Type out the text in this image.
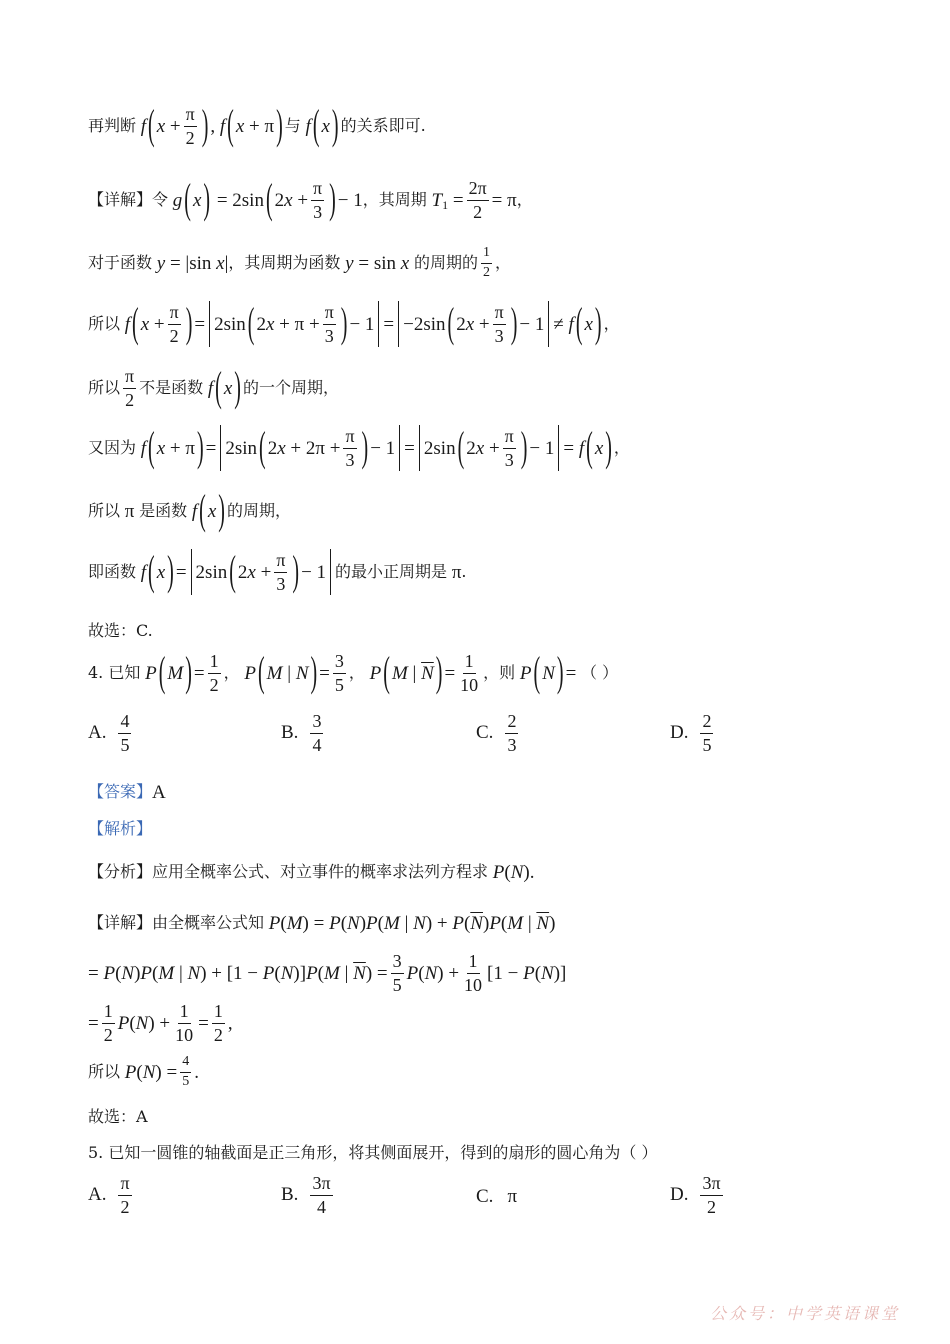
再判断 f ( $x + \frac{\pi}{2}$ ) , f ( x + π ) 与 f ( x ) 的关系即可.
【详解】 令 g ( x ) = 2sin ( $2x + \frac{\pi}{3}$ ) − 1 ，其周期 T $1 = \frac{2\pi}{2} = \pi$ ，
对于函数 y = |sin x| ，其周期为函数 y = sin x 的周期的 $\frac{1}{2}$ ，
所以 f ( $x + \frac{\pi}{2}$ ) = 2sin ( $2x + \pi + \frac{\pi}{3}$ ) − 1 = −2sin ( $2x + \frac{\pi}{3}$ ) − 1 ≠ f ( x ) ，
所以 $\frac{\pi}{2}$ 不是函数 f ( x ) 的一个周期，
又因为 f ( x + π ) = 2sin ( $2x + 2\pi + \frac{\pi}{3}$ ) − 1 = 2sin ( $2x + \frac{\pi}{3}$ ) − 1 = f ( x ) ，
所以 π 是函数 f ( x ) 的周期，
即函数 f ( x ) = 2sin ( $2x + \frac{\pi}{3}$ ) − 1 的最小正周期是 π .
故选：C.
4.
已知 P ( M ) = $\frac{1}{2}$ ， P ( M | N ) = $\frac{3}{5}$ ， P ( M | $\overline{N}$ ) = $\frac{1}{10}$ ，则 P ( N ) = （ ）
A. $\frac{4}{5}$	B. $\frac{3}{4}$	C. $\frac{2}{3}$	D. $\frac{2}{5}$
【答案】 A
【解析】
【分析】 应用全概率公式、对立事件的概率求法列方程求 P(N).
【详解】 由全概率公式知 P(M) = P(N)P(M | $N) + P(\overline{N})P(M$ | $\overline{N}$)
= P(N)P(M | N) + [1 − P(N)]P(M | $\overline{N}) = \frac{3}{5} P(N) + \frac{1}{10} [1 - P(N)]$
= $\frac{1}{2} P(N) + \frac{1}{10} = \frac{1}{2}$ ,
所以 $P(N) = \frac{4}{5}$ .
故选：A
5.
已知一圆锥的轴截面是正三角形，将其侧面展开，得到的扇形的圆心角为（ ）
A. $\frac{\pi}{2}$	B. $\frac{3\pi}{4}$	C. π	D. $\frac{3\pi}{2}$
公众号：中学英语课堂
